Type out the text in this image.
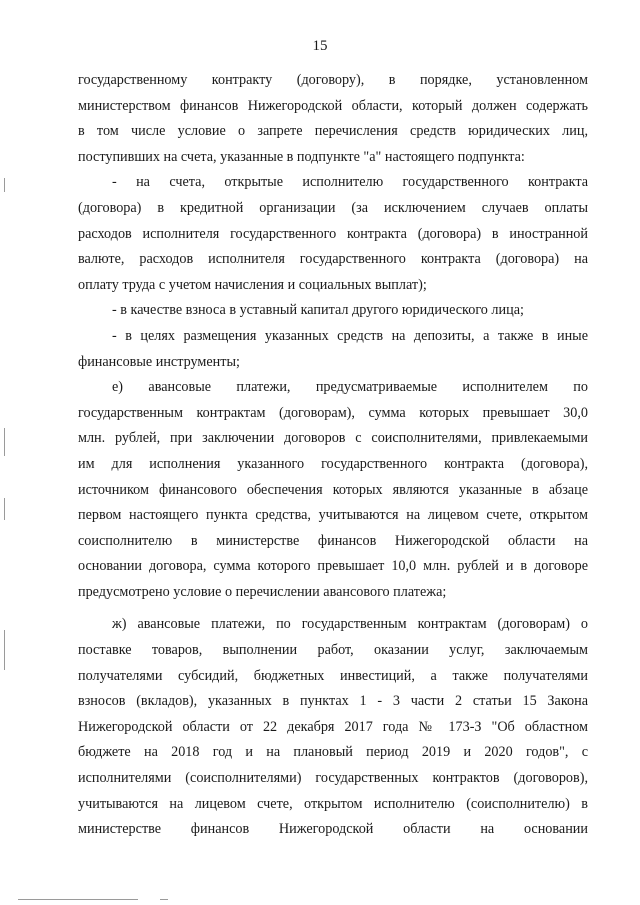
15
государственному контракту (договору), в порядке, установленном
министерством финансов Нижегородской области, который должен содержать
в том числе условие о запрете перечисления средств юридических лиц,
поступивших на счета, указанные в подпункте "а" настоящего подпункта:
- на счета, открытые исполнителю государственного контракта
(договора) в кредитной организации (за исключением случаев оплаты
расходов исполнителя государственного контракта (договора) в иностранной
валюте, расходов исполнителя государственного контракта (договора) на
оплату труда с учетом начисления и социальных выплат);
- в качестве взноса в уставный капитал другого юридического лица;
- в целях размещения указанных средств на депозиты, а также в иные
финансовые инструменты;
е) авансовые платежи, предусматриваемые исполнителем по
государственным контрактам (договорам), сумма которых превышает 30,0
млн. рублей, при заключении договоров с соисполнителями, привлекаемыми
им для исполнения указанного государственного контракта (договора),
источником финансового обеспечения которых являются указанные в абзаце
первом настоящего пункта средства, учитываются на лицевом счете, открытом
соисполнителю в министерстве финансов Нижегородской области на
основании договора, сумма которого превышает 10,0 млн. рублей и в договоре
предусмотрено условие о перечислении авансового платежа;
ж) авансовые платежи, по государственным контрактам (договорам) о
поставке товаров, выполнении работ, оказании услуг, заключаемым
получателями субсидий, бюджетных инвестиций, а также получателями
взносов (вкладов), указанных в пунктах 1 - 3 части 2 статьи 15 Закона
Нижегородской области от 22 декабря 2017 года № 173-З "Об областном
бюджете на 2018 год и на плановый период 2019 и 2020 годов", с
исполнителями (соисполнителями) государственных контрактов (договоров),
учитываются на лицевом счете, открытом исполнителю (соисполнителю) в
министерстве финансов Нижегородской области на основании
